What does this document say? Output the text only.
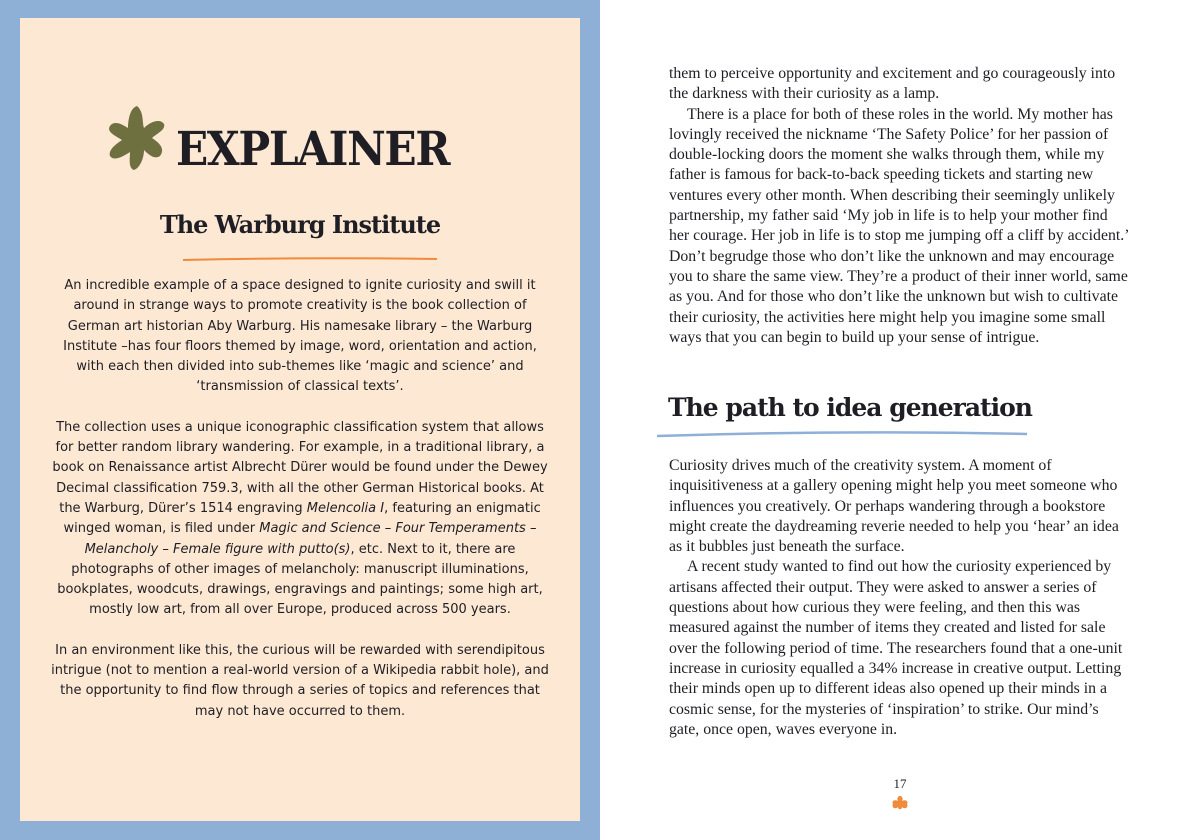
EXPLAINER
The Warburg Institute

An incredible example of a space designed to ignite curiosity and swill it around in strange ways to promote creativity is the book collection of German art historian Aby Warburg. His namesake library – the Warburg Institute –has four floors themed by image, word, orientation and action, with each then divided into sub-themes like ‘magic and science’ and ‘transmission of classical texts’.

The collection uses a unique iconographic classification system that allows for better random library wandering. For example, in a traditional library, a book on Renaissance artist Albrecht Dürer would be found under the Dewey Decimal classification 759.3, with all the other German Historical books. At the Warburg, Dürer’s 1514 engraving Melencolia I, featuring an enigmatic winged woman, is filed under Magic and Science – Four Temperaments – Melancholy – Female figure with putto(s), etc. Next to it, there are photographs of other images of melancholy: manuscript illuminations, bookplates, woodcuts, drawings, engravings and paintings; some high art, mostly low art, from all over Europe, produced across 500 years.

In an environment like this, the curious will be rewarded with serendipitous intrigue (not to mention a real-world version of a Wikipedia rabbit hole), and the opportunity to find flow through a series of topics and references that may not have occurred to them.

them to perceive opportunity and excitement and go courageously into the darkness with their curiosity as a lamp.

There is a place for both of these roles in the world. My mother has lovingly received the nickname ‘The Safety Police’ for her passion of double-locking doors the moment she walks through them, while my father is famous for back-to-back speeding tickets and starting new ventures every other month. When describing their seemingly unlikely partnership, my father said ‘My job in life is to help your mother find her courage. Her job in life is to stop me jumping off a cliff by accident.’ Don’t begrudge those who don’t like the unknown and may encourage you to share the same view. They’re a product of their inner world, same as you. And for those who don’t like the unknown but wish to cultivate their curiosity, the activities here might help you imagine some small ways that you can begin to build up your sense of intrigue.

The path to idea generation

Curiosity drives much of the creativity system. A moment of inquisitiveness at a gallery opening might help you meet someone who influences you creatively. Or perhaps wandering through a bookstore might create the daydreaming reverie needed to help you ‘hear’ an idea as it bubbles just beneath the surface.

A recent study wanted to find out how the curiosity experienced by artisans affected their output. They were asked to answer a series of questions about how curious they were feeling, and then this was measured against the number of items they created and listed for sale over the following period of time. The researchers found that a one-unit increase in curiosity equalled a 34% increase in creative output. Letting their minds open up to different ideas also opened up their minds in a cosmic sense, for the mysteries of ‘inspiration’ to strike. Our mind’s gate, once open, waves everyone in.

17
